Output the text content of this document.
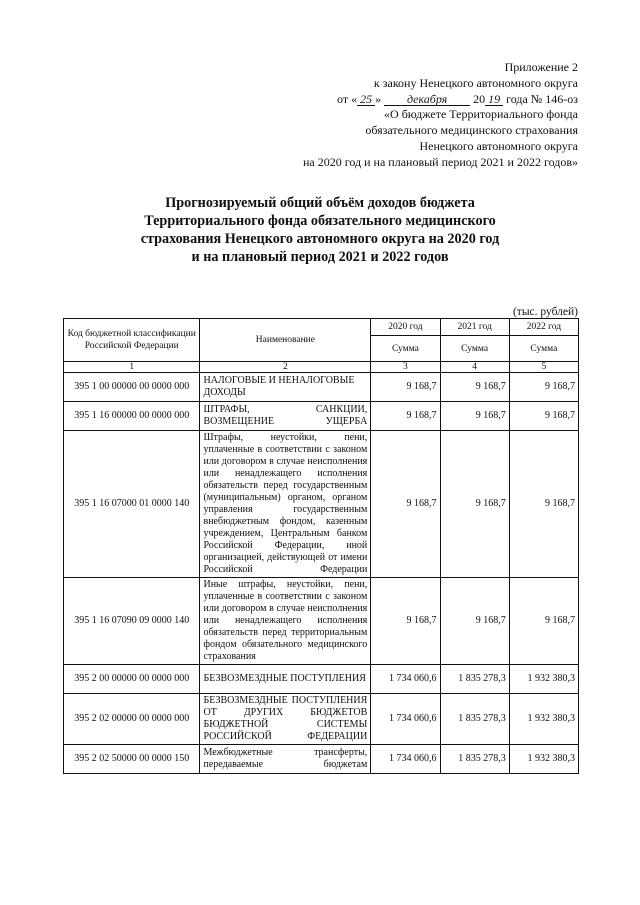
Приложение 2
к закону Ненецкого автономного округа
от « 25 » декабря 20 19 года № 146-оз
«О бюджете Территориального фонда
обязательного медицинского страхования
Ненецкого автономного округа
на 2020 год и на плановый период 2021 и 2022 годов»
Прогнозируемый общий объём доходов бюджета
Территориального фонда обязательного медицинского
страхования Ненецкого автономного округа на 2020 год
и на плановый период 2021 и 2022 годов
(тыс. рублей)
Код бюджетной классификации Российской Федерации	Наименование	2020 год	2021 год	2022 год
		Сумма	Сумма	Сумма
1	2	3	4	5
395 1 00 00000 00 0000 000	НАЛОГОВЫЕ И НЕНАЛОГОВЫЕ ДОХОДЫ	9 168,7	9 168,7	9 168,7
395 1 16 00000 00 0000 000	ШТРАФЫ, САНКЦИИ, ВОЗМЕЩЕНИЕ УЩЕРБА	9 168,7	9 168,7	9 168,7
395 1 16 07000 01 0000 140	Штрафы, неустойки, пени, уплаченные в соответствии с законом или договором в случае неисполнения или ненадлежащего исполнения обязательств перед государственным (муниципальным) органом, органом управления государственным внебюджетным фондом, казенным учреждением, Центральным банком Российской Федерации, иной организацией, действующей от имени Российской Федерации	9 168,7	9 168,7	9 168,7
395 1 16 07090 09 0000 140	Иные штрафы, неустойки, пени, уплаченные в соответствии с законом или договором в случае неисполнения или ненадлежащего исполнения обязательств перед территориальным фондом обязательного медицинского страхования	9 168,7	9 168,7	9 168,7
395 2 00 00000 00 0000 000	БЕЗВОЗМЕЗДНЫЕ ПОСТУПЛЕНИЯ	1 734 060,6	1 835 278,3	1 932 380,3
395 2 02 00000 00 0000 000	БЕЗВОЗМЕЗДНЫЕ ПОСТУПЛЕНИЯ ОТ ДРУГИХ БЮДЖЕТОВ БЮДЖЕТНОЙ СИСТЕМЫ РОССИЙСКОЙ ФЕДЕРАЦИИ	1 734 060,6	1 835 278,3	1 932 380,3
395 2 02 50000 00 0000 150	Межбюджетные трансферты, передаваемые бюджетам	1 734 060,6	1 835 278,3	1 932 380,3
